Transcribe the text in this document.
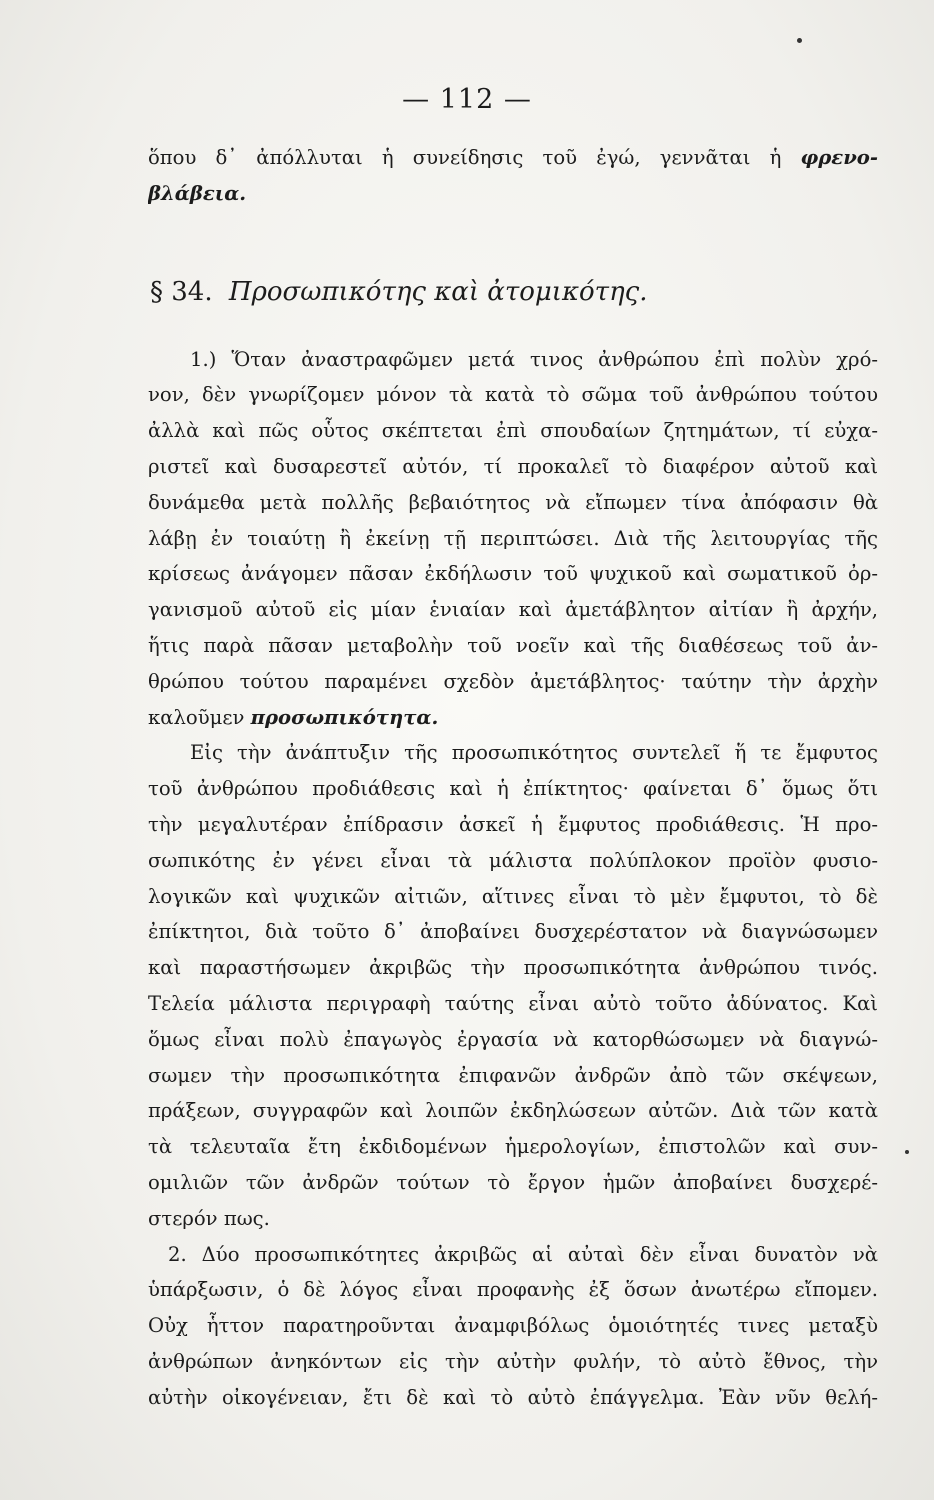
— 112 —
ὅπου δ᾿ ἀπόλλυται ἡ συνείδησις τοῦ ἐγώ, γεννᾶται ἡ φρενο-
βλάβεια.
§ 34. Προσωπικότης καὶ ἀτομικότης.
1.) Ὅταν ἀναστραφῶμεν μετά τινος ἀνθρώπου ἐπὶ πολὺν χρό-
νον, δὲν γνωρίζομεν μόνον τὰ κατὰ τὸ σῶμα τοῦ ἀνθρώπου τούτου
ἀλλὰ καὶ πῶς οὗτος σκέπτεται ἐπὶ σπουδαίων ζητημάτων, τί εὐχα-
ριστεῖ καὶ δυσαρεστεῖ αὐτόν, τί προκαλεῖ τὸ διαφέρον αὐτοῦ καὶ
δυνάμεθα μετὰ πολλῆς βεβαιότητος νὰ εἴπωμεν τίνα ἀπόφασιν θὰ
λάβῃ ἐν τοιαύτῃ ἢ ἐκείνῃ τῇ περιπτώσει. Διὰ τῆς λειτουργίας τῆς
κρίσεως ἀνάγομεν πᾶσαν ἐκδήλωσιν τοῦ ψυχικοῦ καὶ σωματικοῦ ὀρ-
γανισμοῦ αὐτοῦ εἰς μίαν ἑνιαίαν καὶ ἀμετάβλητον αἰτίαν ἢ ἀρχήν,
ἥτις παρὰ πᾶσαν μεταβολὴν τοῦ νοεῖν καὶ τῆς διαθέσεως τοῦ ἀν-
θρώπου τούτου παραμένει σχεδὸν ἀμετάβλητος· ταύτην τὴν ἀρχὴν
καλοῦμεν προσωπικότητα.
Εἰς τὴν ἀνάπτυξιν τῆς προσωπικότητος συντελεῖ ἥ τε ἔμφυτος
τοῦ ἀνθρώπου προδιάθεσις καὶ ἡ ἐπίκτητος· φαίνεται δ᾿ ὅμως ὅτι
τὴν μεγαλυτέραν ἐπίδρασιν ἀσκεῖ ἡ ἔμφυτος προδιάθεσις. Ἡ προ-
σωπικότης ἐν γένει εἶναι τὰ μάλιστα πολύπλοκον προϊὸν φυσιο-
λογικῶν καὶ ψυχικῶν αἰτιῶν, αἵτινες εἶναι τὸ μὲν ἔμφυτοι, τὸ δὲ
ἐπίκτητοι, διὰ τοῦτο δ᾿ ἀποβαίνει δυσχερέστατον νὰ διαγνώσωμεν
καὶ παραστήσωμεν ἀκριβῶς τὴν προσωπικότητα ἀνθρώπου τινός.
Τελεία μάλιστα περιγραφὴ ταύτης εἶναι αὐτὸ τοῦτο ἀδύνατος. Καὶ
ὅμως εἶναι πολὺ ἐπαγωγὸς ἐργασία νὰ κατορθώσωμεν νὰ διαγνώ-
σωμεν τὴν προσωπικότητα ἐπιφανῶν ἀνδρῶν ἀπὸ τῶν σκέψεων,
πράξεων, συγγραφῶν καὶ λοιπῶν ἐκδηλώσεων αὐτῶν. Διὰ τῶν κατὰ
τὰ τελευταῖα ἔτη ἐκδιδομένων ἡμερολογίων, ἐπιστολῶν καὶ συν-
ομιλιῶν τῶν ἀνδρῶν τούτων τὸ ἔργον ἡμῶν ἀποβαίνει δυσχερέ-
στερόν πως.
2. Δύο προσωπικότητες ἀκριβῶς αἱ αὐταὶ δὲν εἶναι δυνατὸν νὰ
ὑπάρξωσιν, ὁ δὲ λόγος εἶναι προφανὴς ἐξ ὅσων ἀνωτέρω εἴπομεν.
Οὐχ ἧττον παρατηροῦνται ἀναμφιβόλως ὁμοιότητές τινες μεταξὺ
ἀνθρώπων ἀνηκόντων εἰς τὴν αὐτὴν φυλήν, τὸ αὐτὸ ἔθνος, τὴν
αὐτὴν οἰκογένειαν, ἔτι δὲ καὶ τὸ αὐτὸ ἐπάγγελμα. Ἐὰν νῦν θελή-
